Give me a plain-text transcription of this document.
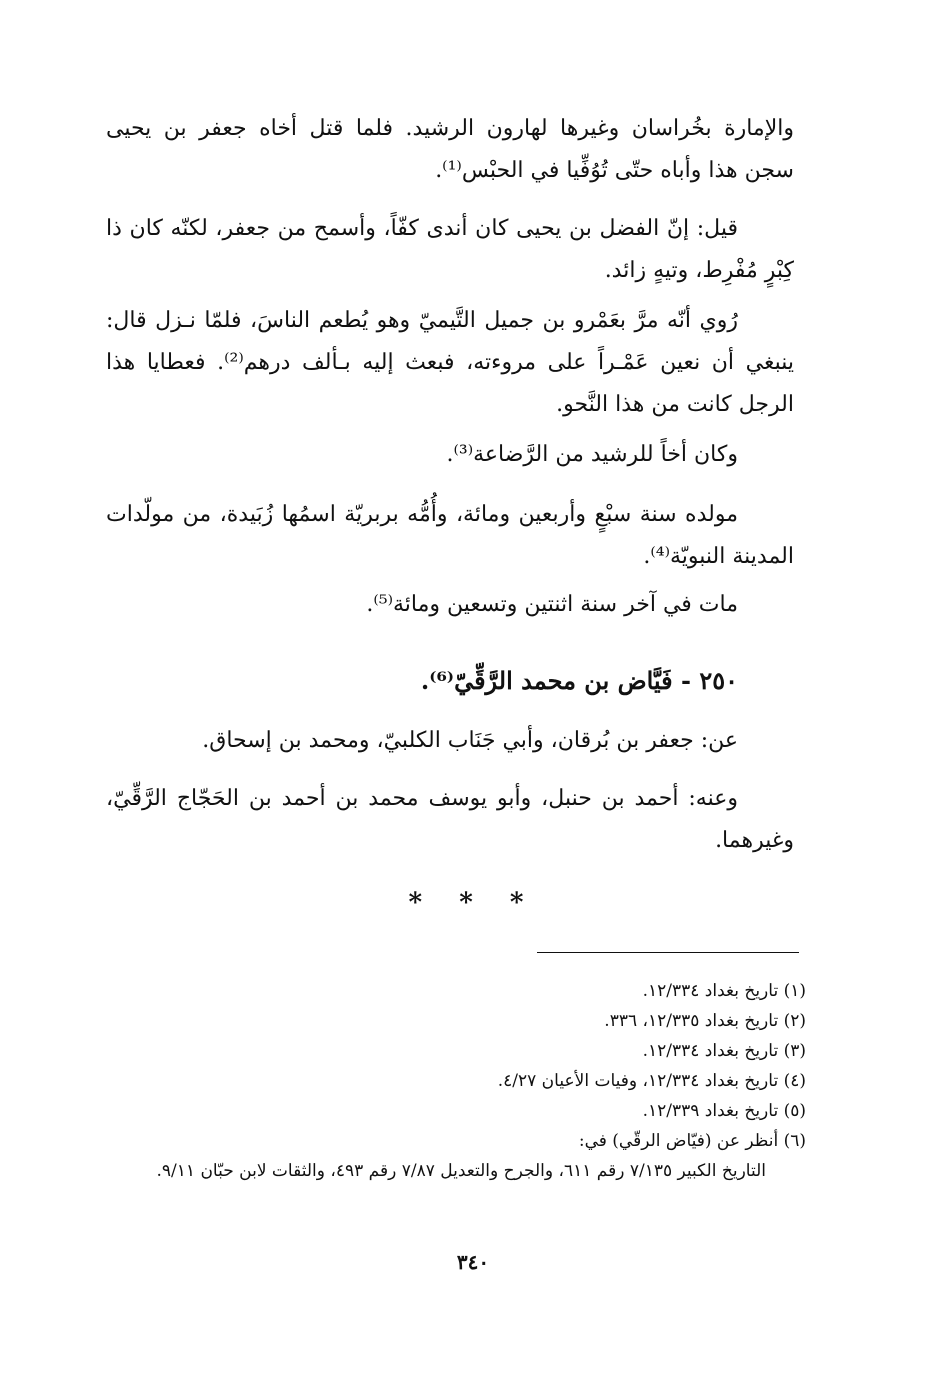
والإمارة بخُراسان وغيرها لهارون الرشيد. فلما قتل أخاه جعفر بن يحيى سجن هذا وأباه حتّى تُوُفِّيا في الحبْس⁽¹⁾.

قيل: إنّ الفضل بن يحيى كان أندى كفّاً، وأسمح من جعفر، لكنّه كان ذا كِبْرٍ مُفْرِط، وتيهٍ زائد.

رُوي أنّه مرَّ بعَمْرو بن جميل التَّيميّ وهو يُطعم الناسَ، فلمّا نـزل قال: ينبغي أن نعين عَمْـراً على مروءته، فبعث إليه بـألف درهم⁽²⁾. فعطايا هذا الرجل كانت من هذا النَّحو.

وكان أخاً للرشيد من الرَّضاعة⁽³⁾.

مولده سنة سبْعٍ وأربعين ومائة، وأُمُّه بربريّة اسمُها زُبَيدة، من مولّدات المدينة النبويّة⁽⁴⁾.

مات في آخر سنة اثنتين وتسعين ومائة⁽⁵⁾.

٢٥٠ - فَيَّاض بن محمد الرَّقِّيّ⁽⁶⁾.

عن: جعفر بن بُرقان، وأبي جَنَاب الكلبيّ، ومحمد بن إسحاق.

وعنه: أحمد بن حنبل، وأبو يوسف محمد بن أحمد بن الحَجّاج الرَّقِّيّ، وغيرهما.

* * *
(١) تاريخ بغداد ١٢/٣٣٤.
(٢) تاريخ بغداد ١٢/٣٣٥، ٣٣٦.
(٣) تاريخ بغداد ١٢/٣٣٤.
(٤) تاريخ بغداد ١٢/٣٣٤، وفيات الأعيان ٤/٢٧.
(٥) تاريخ بغداد ١٢/٣٣٩.
(٦) أنظر عن (فيّاض الرقّي) في:
التاريخ الكبير ٧/١٣٥ رقم ٦١١، والجرح والتعديل ٧/٨٧ رقم ٤٩٣، والثقات لابن حبّان ٩/١١.
٣٤٠
